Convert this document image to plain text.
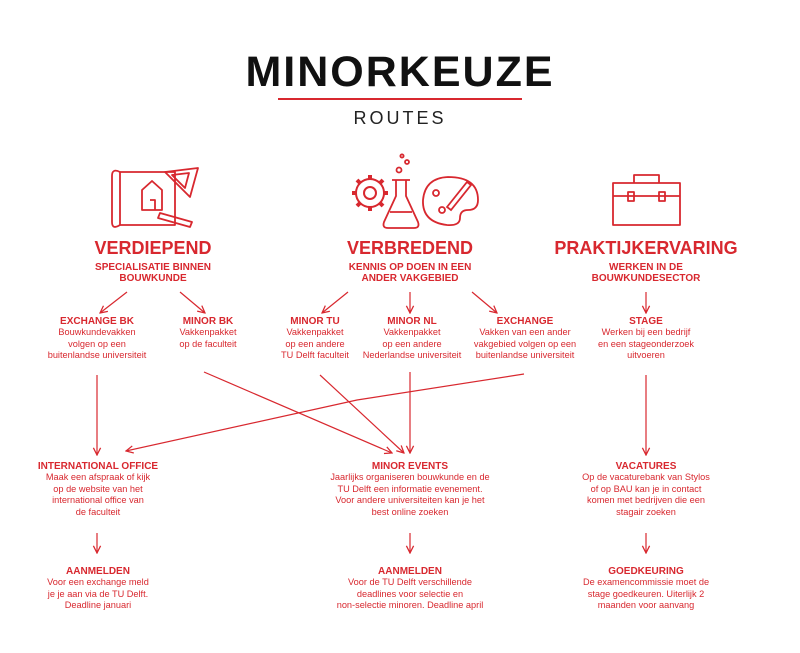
MINORKEUZE
ROUTES
VERDIEPEND
SPECIALISATIE BINNEN
BOUWKUNDE
VERBREDEND
KENNIS OP DOEN IN EEN
ANDER VAKGEBIED
PRAKTIJKERVARING
WERKEN IN DE
BOUWKUNDESECTOR
EXCHANGE BK
Bouwkundevakken
volgen op een
buitenlandse universiteit
MINOR BK
Vakkenpakket
op de faculteit
MINOR TU
Vakkenpakket
op een andere
TU Delft faculteit
MINOR NL
Vakkenpakket
op een andere
Nederlandse universiteit
EXCHANGE
Vakken van een ander
vakgebied volgen op een
buitenlandse universiteit
STAGE
Werken bij een bedrijf
en een stageonderzoek
uitvoeren
INTERNATIONAL OFFICE
Maak een afspraak of kijk
op de website van het
international office van
de faculteit
MINOR EVENTS
Jaarlijks organiseren bouwkunde en de
TU Delft een informatie evenement.
Voor andere universiteiten kan je het
best online zoeken
VACATURES
Op de vacaturebank van Stylos
of op BAU kan je in contact
komen met bedrijven die een
stagair zoeken
AANMELDEN
Voor een exchange meld
je je aan via de TU Delft.
Deadline januari
AANMELDEN
Voor de TU Delft verschillende
deadlines voor selectie en
non-selectie minoren. Deadline april
GOEDKEURING
De examencommissie moet de
stage goedkeuren. Uiterlijk 2
maanden voor aanvang
